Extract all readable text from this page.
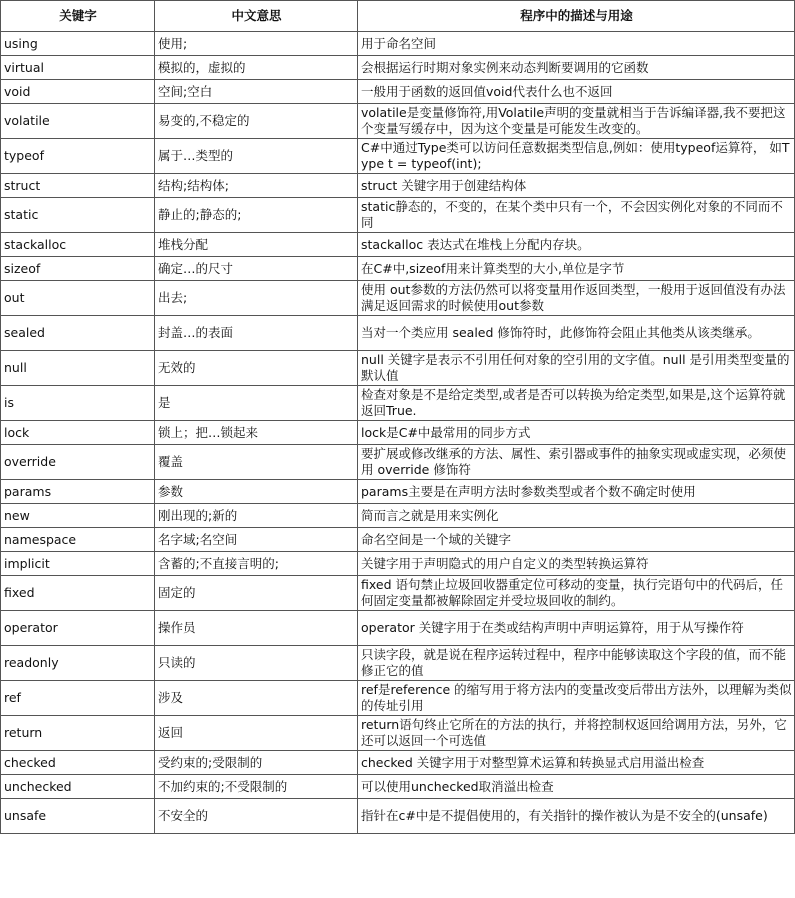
关键字	中文意思	程序中的描述与用途
using	使用;	用于命名空间
virtual	模拟的，虚拟的	会根据运行时期对象实例来动态判断要调用的它函数
void	空间;空白	一般用于函数的返回值void代表什么也不返回
volatile	易变的,不稳定的	volatile是变量修饰符,用Volatile声明的变量就相当于告诉编译器,我不要把这个变量写缓存中，因为这个变量是可能发生改变的。
typeof	属于…类型的	C#中通过Type类可以访问任意数据类型信息,例如：使用typeof运算符， 如Type t = typeof(int);
struct	结构;结构体;	struct 关键字用于创建结构体
static	静止的;静态的;	static静态的，不变的，在某个类中只有一个，不会因实例化对象的不同而不同
stackalloc	堆栈分配	stackalloc 表达式在堆栈上分配内存块。
sizeof	确定…的尺寸	在C#中,sizeof用来计算类型的大小,单位是字节
out	出去;	使用 out参数的方法仍然可以将变量用作返回类型，一般用于返回值没有办法满足返回需求的时候使用out参数
sealed	封盖…的表面	当对一个类应用 sealed 修饰符时，此修饰符会阻止其他类从该类继承。
null	无效的	null 关键字是表示不引用任何对象的空引用的文字值。null 是引用类型变量的默认值
is	是	检查对象是不是给定类型,或者是否可以转换为给定类型,如果是,这个运算符就返回True.
lock	锁上；把…锁起来	lock是C#中最常用的同步方式
override	覆盖	要扩展或修改继承的方法、属性、索引器或事件的抽象实现或虚实现，必须使用 override 修饰符
params	参数	params主要是在声明方法时参数类型或者个数不确定时使用
new	刚出现的;新的	简而言之就是用来实例化
namespace	名字域;名空间	命名空间是一个域的关键字
implicit	含蓄的;不直接言明的;	关键字用于声明隐式的用户自定义的类型转换运算符
fixed	固定的	fixed 语句禁止垃圾回收器重定位可移动的变量，执行完语句中的代码后，任何固定变量都被解除固定并受垃圾回收的制约。
operator	操作员	operator 关键字用于在类或结构声明中声明运算符，用于从写操作符
readonly	只读的	只读字段，就是说在程序运转过程中，程序中能够读取这个字段的值，而不能修正它的值
ref	涉及	ref是reference 的缩写用于将方法内的变量改变后带出方法外，以理解为类似的传址引用
return	返回	return语句终止它所在的方法的执行，并将控制权返回给调用方法，另外，它还可以返回一个可选值
checked	受约束的;受限制的	checked 关键字用于对整型算术运算和转换显式启用溢出检查
unchecked	不加约束的;不受限制的	可以使用unchecked取消溢出检查
unsafe	不安全的	指针在c#中是不提倡使用的，有关指针的操作被认为是不安全的(unsafe)
